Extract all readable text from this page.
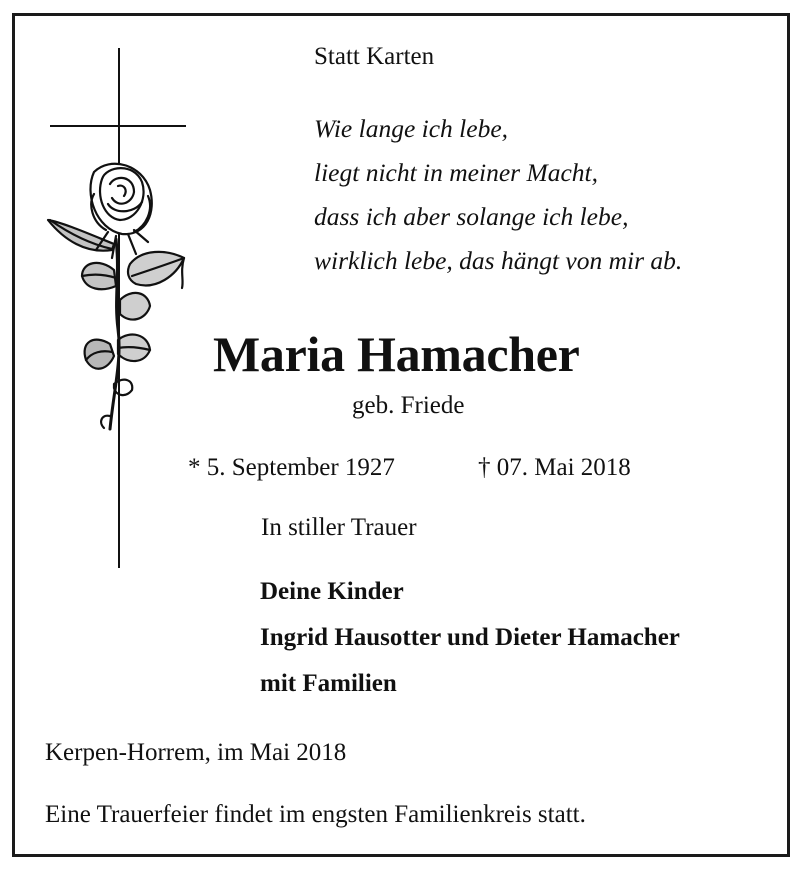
Statt Karten
Wie lange ich lebe,
liegt nicht in meiner Macht,
dass ich aber solange ich lebe,
wirklich lebe, das hängt von mir ab.
Maria Hamacher
geb. Friede
* 5. September 1927	† 07. Mai 2018
In stiller Trauer
Deine Kinder
Ingrid Hausotter und Dieter Hamacher
mit Familien
Kerpen-Horrem, im Mai 2018
Eine Trauerfeier findet im engsten Familienkreis statt.
